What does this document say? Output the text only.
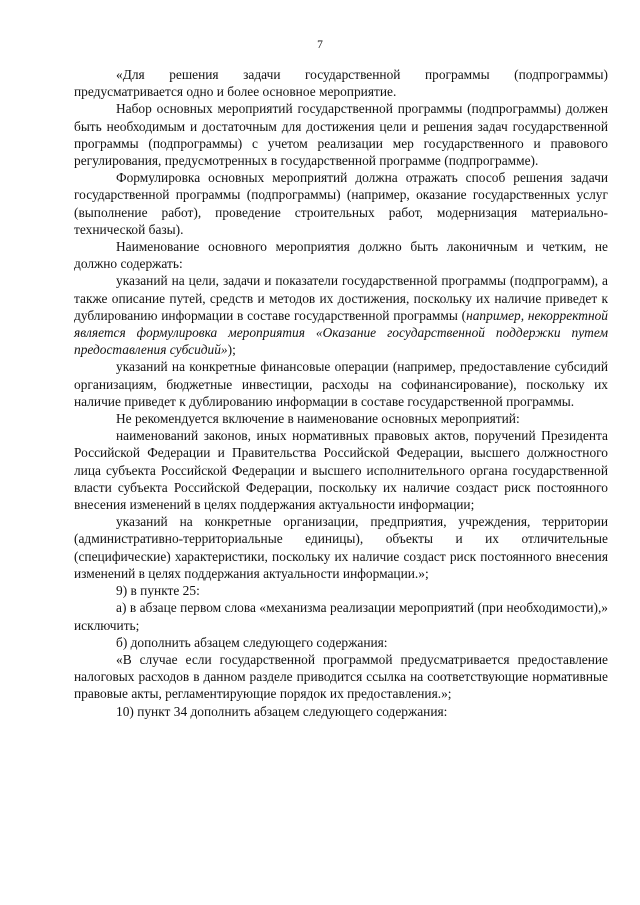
7

«Для решения задачи государственной программы (подпрограммы) предусматривается одно и более основное мероприятие.

Набор основных мероприятий государственной программы (подпрограммы) должен быть необходимым и достаточным для достижения цели и решения задач государственной программы (подпрограммы) с учетом реализации мер государственного и правового регулирования, предусмотренных в государственной программе (подпрограмме).

Формулировка основных мероприятий должна отражать способ решения задачи государственной программы (подпрограммы) (например, оказание государственных услуг (выполнение работ), проведение строительных работ, модернизация материально-технической базы).

Наименование основного мероприятия должно быть лаконичным и четким, не должно содержать:

указаний на цели, задачи и показатели государственной программы (подпрограмм), а также описание путей, средств и методов их достижения, поскольку их наличие приведет к дублированию информации в составе государственной программы (например, некорректной является формулировка мероприятия «Оказание государственной поддержки путем предоставления субсидий»);

указаний на конкретные финансовые операции (например, предоставление субсидий организациям, бюджетные инвестиции, расходы на софинансирование), поскольку их наличие приведет к дублированию информации в составе государственной программы.

Не рекомендуется включение в наименование основных мероприятий:

наименований законов, иных нормативных правовых актов, поручений Президента Российской Федерации и Правительства Российской Федерации, высшего должностного лица субъекта Российской Федерации и высшего исполнительного органа государственной власти субъекта Российской Федерации, поскольку их наличие создаст риск постоянного внесения изменений в целях поддержания актуальности информации;

указаний на конкретные организации, предприятия, учреждения, территории (административно-территориальные единицы), объекты и их отличительные (специфические) характеристики, поскольку их наличие создаст риск постоянного внесения изменений в целях поддержания актуальности информации.»;

9) в пункте 25:

а) в абзаце первом слова «механизма реализации мероприятий (при необходимости),» исключить;

б) дополнить абзацем следующего содержания:

«В случае если государственной программой предусматривается предоставление налоговых расходов в данном разделе приводится ссылка на соответствующие нормативные правовые акты, регламентирующие порядок их предоставления.»;

10) пункт 34 дополнить абзацем следующего содержания:
